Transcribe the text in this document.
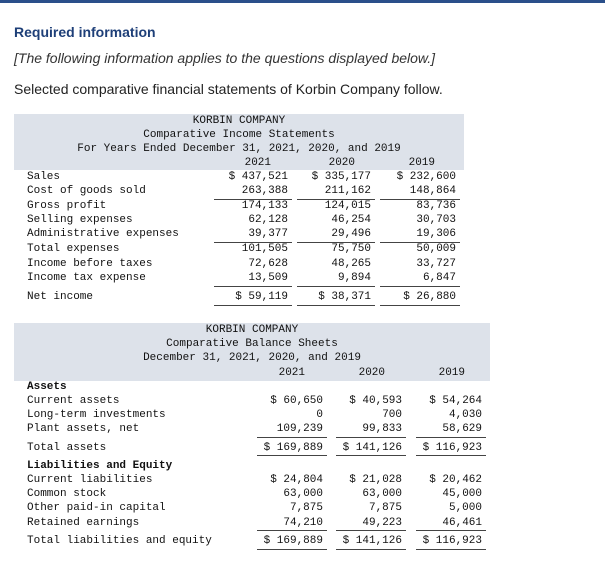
Required information
[The following information applies to the questions displayed below.]
Selected comparative financial statements of Korbin Company follow.
KORBIN COMPANY
Comparative Income Statements
For Years Ended December 31, 2021, 2020, and 2019
2021	2020	2019
Sales	$ 437,521	$ 335,177	$ 232,600
Cost of goods sold	263,388	211,162	148,864
Gross profit	174,133	124,015	83,736
Selling expenses	62,128	46,254	30,703
Administrative expenses	39,377	29,496	19,306
Total expenses	101,505	75,750	50,009
Income before taxes	72,628	48,265	33,727
Income tax expense	13,509	9,894	6,847
Net income	$ 59,119	$ 38,371	$ 26,880
KORBIN COMPANY
Comparative Balance Sheets
December 31, 2021, 2020, and 2019
2021	2020	2019
Assets
Liabilities and Equity
Current assets	$ 60,650	$ 40,593	$ 54,264
Long-term investments	0	700	4,030
Plant assets, net	109,239	99,833	58,629
Total assets	$ 169,889	$ 141,126	$ 116,923
Current liabilities	$ 24,804	$ 21,028	$ 20,462
Common stock	63,000	63,000	45,000
Other paid-in capital	7,875	7,875	5,000
Retained earnings	74,210	49,223	46,461
Total liabilities and equity	$ 169,889	$ 141,126	$ 116,923
